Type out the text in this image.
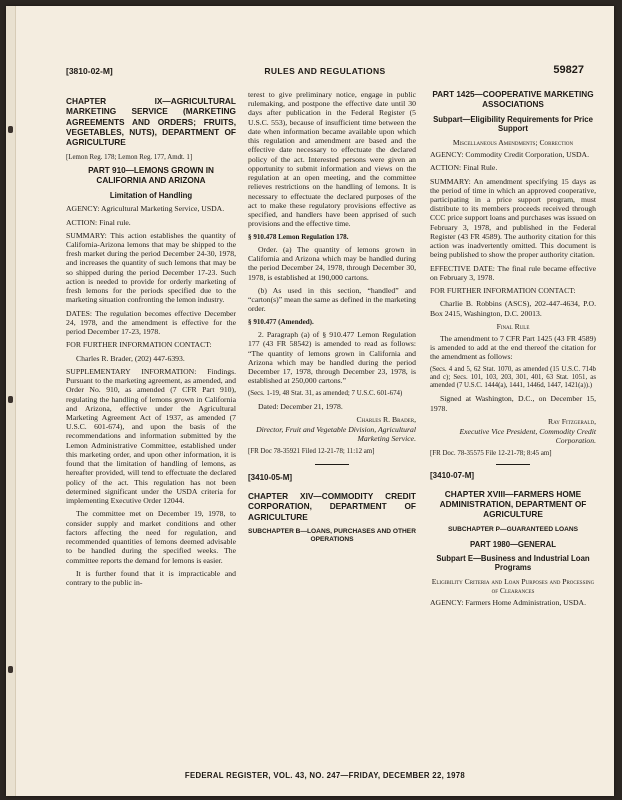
[3810-02-M]	RULES AND REGULATIONS	59827
CHAPTER IX—AGRICULTURAL MARKETING SERVICE (MARKETING AGREEMENTS AND ORDERS; FRUITS, VEGETABLES, NUTS), DEPARTMENT OF AGRICULTURE

[Lemon Reg. 178; Lemon Reg. 177, Amdt. 1]

PART 910—LEMONS GROWN IN CALIFORNIA AND ARIZONA
Limitation of Handling

AGENCY: Agricultural Marketing Service, USDA.

ACTION: Final rule.

SUMMARY: This action establishes the quantity of California-Arizona lemons that may be shipped to the fresh market during the period December 24-30, 1978, and increases the quantity of such lemons that may be so shipped during the period December 17-23. Such action is needed to provide for orderly marketing of fresh lemons for the periods specified due to the marketing situation confronting the lemon industry.

DATES: The regulation becomes effective December 24, 1978, and the amendment is effective for the period December 17-23, 1978.

FOR FURTHER INFORMATION CONTACT:

Charles R. Brader, (202) 447-6393.

SUPPLEMENTARY INFORMATION: Findings. Pursuant to the marketing agreement, as amended, and Order No. 910, as amended (7 CFR Part 910), regulating the handling of lemons grown in California and Arizona, effective under the Agricultural Marketing Agreement Act of 1937, as amended (7 U.S.C. 601-674), and upon the basis of the recommendations and information submitted by the Lemon Administrative Committee, established under this marketing order, and upon other information, it is found that the limitation of handling of lemons, as hereafter provided, will tend to effectuate the declared policy of the act. This regulation has not been determined significant under the USDA criteria for implementing Executive Order 12044.

The committee met on December 19, 1978, to consider supply and market conditions and other factors affecting the need for regulation, and recommended quantities of lemons deemed advisable to be handled during the specified weeks. The committee reports the demand for lemons is easier.

It is further found that it is impracticable and contrary to the public in-

terest to give preliminary notice, engage in public rulemaking, and postpone the effective date until 30 days after publication in the Federal Register (5 U.S.C. 553), because of insufficient time between the date when information became available upon which this regulation and amendment are based and the effective date necessary to effectuate the declared policy of the act. Interested persons were given an opportunity to submit information and views on the regulation at an open meeting, and the committee relieves restrictions on the handling of lemons. It is necessary to effectuate the declared purposes of the act to make these regulatory provisions effective as specified, and handlers have been apprised of such provisions and the effective time.

§ 910.478 Lemon Regulation 178.

Order. (a) The quantity of lemons grown in California and Arizona which may be handled during the period December 24, 1978, through December 30, 1978, is established at 190,000 cartons.

(b) As used in this section, “handled” and “carton(s)” mean the same as defined in the marketing order.

§ 910.477 (Amended).

2. Paragraph (a) of § 910.477 Lemon Regulation 177 (43 FR 58542) is amended to read as follows: “The quantity of lemons grown in California and Arizona which may be handled during the period December 17, 1978, through December 23, 1978, is established at 250,000 cartons.”

(Secs. 1-19, 48 Stat. 31, as amended; 7 U.S.C. 601-674)

Dated: December 21, 1978.

Charles R. Brader,
Director, Fruit and Vegetable Division, Agricultural Marketing Service.

[FR Doc 78-35921 Filed 12-21-78; 11:12 am]

[3410-05-M]
CHAPTER XIV—COMMODITY CREDIT CORPORATION, DEPARTMENT OF AGRICULTURE
SUBCHAPTER B—LOANS, PURCHASES AND OTHER OPERATIONS
PART 1425—COOPERATIVE MARKETING ASSOCIATIONS
Subpart—Eligibility Requirements for Price Support
Miscellaneous Amendments; Correction

AGENCY: Commodity Credit Corporation, USDA.

ACTION: Final Rule.

SUMMARY: An amendment specifying 15 days as the period of time in which an approved cooperative, participating in a price support program, must distribute to its members proceeds received through CCC price support loans and purchases was issued on February 3, 1978, and published in the Federal Register (43 FR 4589). The authority citation for this action was inadvertently omitted. This document is being published to show the proper authority citation.

EFFECTIVE DATE: The final rule became effective on February 3, 1978.

FOR FURTHER INFORMATION CONTACT:

Charlie B. Robbins (ASCS), 202-447-4634, P.O. Box 2415, Washington, D.C. 20013.

Final Rule

The amendment to 7 CFR Part 1425 (43 FR 4589) is amended to add at the end thereof the citation for the amendment as follows:

(Secs. 4 and 5, 62 Stat. 1070, as amended (15 U.S.C. 714b and c); Secs. 101, 103, 203, 301, 401, 63 Stat. 1051, as amended (7 U.S.C. 1444(a), 1441, 1446d, 1447, 1421(a)).)

Signed at Washington, D.C., on December 15, 1978.

Ray Fitzgerald,
Executive Vice President, Commodity Credit Corporation.

[FR Doc. 78-35575 File 12-21-78; 8:45 am]

[3410-07-M]
CHAPTER XVIII—FARMERS HOME ADMINISTRATION, DEPARTMENT OF AGRICULTURE
SUBCHAPTER P—GUARANTEED LOANS
PART 1980—GENERAL
Subpart E—Business and Industrial Loan Programs
Eligibility Criteria and Loan Purposes and Processing of Clearances

AGENCY: Farmers Home Administration, USDA.

FEDERAL REGISTER, VOL. 43, NO. 247—FRIDAY, DECEMBER 22, 1978
